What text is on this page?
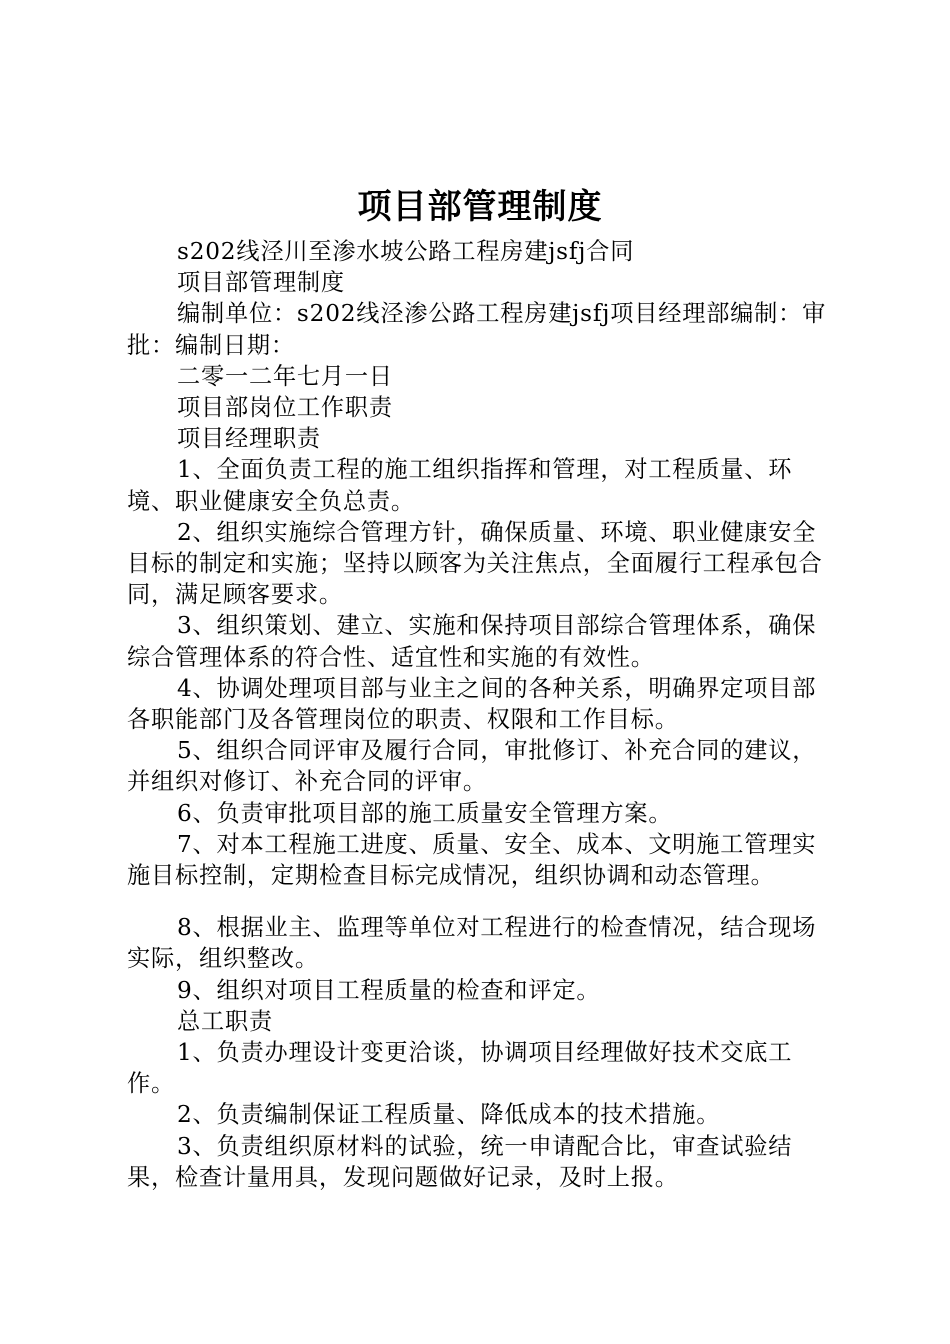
项目部管理制度

s202线泾川至渗水坡公路工程房建jsfj合同

项目部管理制度

编制单位：s202线泾渗公路工程房建jsfj项目经理部编制：审批：编制日期：

二零一二年七月一日

项目部岗位工作职责

项目经理职责

1、全面负责工程的施工组织指挥和管理，对工程质量、环境、职业健康安全负总责。

2、组织实施综合管理方针，确保质量、环境、职业健康安全目标的制定和实施；坚持以顾客为关注焦点，全面履行工程承包合同，满足顾客要求。

3、组织策划、建立、实施和保持项目部综合管理体系，确保综合管理体系的符合性、适宜性和实施的有效性。

4、协调处理项目部与业主之间的各种关系，明确界定项目部各职能部门及各管理岗位的职责、权限和工作目标。

5、组织合同评审及履行合同，审批修订、补充合同的建议，并组织对修订、补充合同的评审。

6、负责审批项目部的施工质量安全管理方案。

7、对本工程施工进度、质量、安全、成本、文明施工管理实施目标控制，定期检查目标完成情况，组织协调和动态管理。

8、根据业主、监理等单位对工程进行的检查情况，结合现场实际，组织整改。

9、组织对项目工程质量的检查和评定。

总工职责

1、负责办理设计变更洽谈，协调项目经理做好技术交底工作。

2、负责编制保证工程质量、降低成本的技术措施。

3、负责组织原材料的试验，统一申请配合比，审查试验结果，检查计量用具，发现问题做好记录，及时上报。
